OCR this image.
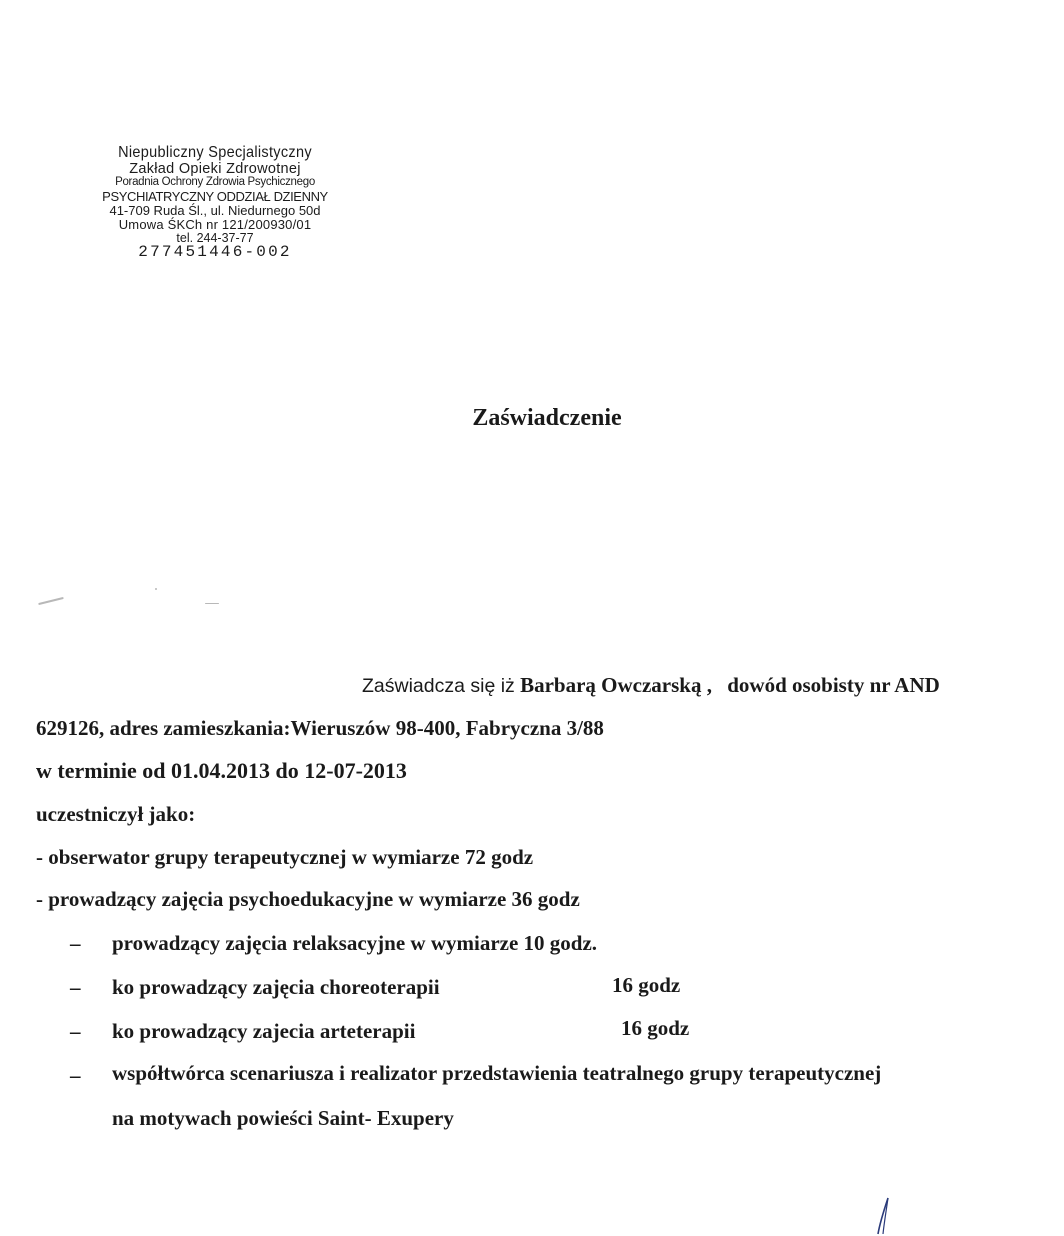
Niepubliczny Specjalistyczny
Zakład Opieki Zdrowotnej
Poradnia Ochrony Zdrowia Psychicznego
PSYCHIATRYCZNY ODDZIAŁ DZIENNY
41-709 Ruda Śl., ul. Niedurnego 50d
Umowa ŚKCh nr 121/200930/01
tel. 244-37-77
277451446-002
Zaświadczenie
Zaświadcza się iż Barbarą Owczarską , dowód osobisty nr AND
629126, adres zamieszkania:Wieruszów 98-400, Fabryczna 3/88
w terminie od 01.04.2013 do 12-07-2013
uczestniczył jako:
- obserwator grupy terapeutycznej w wymiarze 72 godz
- prowadzący zajęcia psychoedukacyjne w wymiarze 36 godz
– prowadzący zajęcia relaksacyjne w wymiarze 10 godz.
– ko prowadzący zajęcia choreoterapii	16 godz
– ko prowadzący zajecia arteterapii	16 godz
– współtwórca scenariusza i realizator przedstawienia teatralnego grupy terapeutycznej
na motywach powieści Saint- Exupery
